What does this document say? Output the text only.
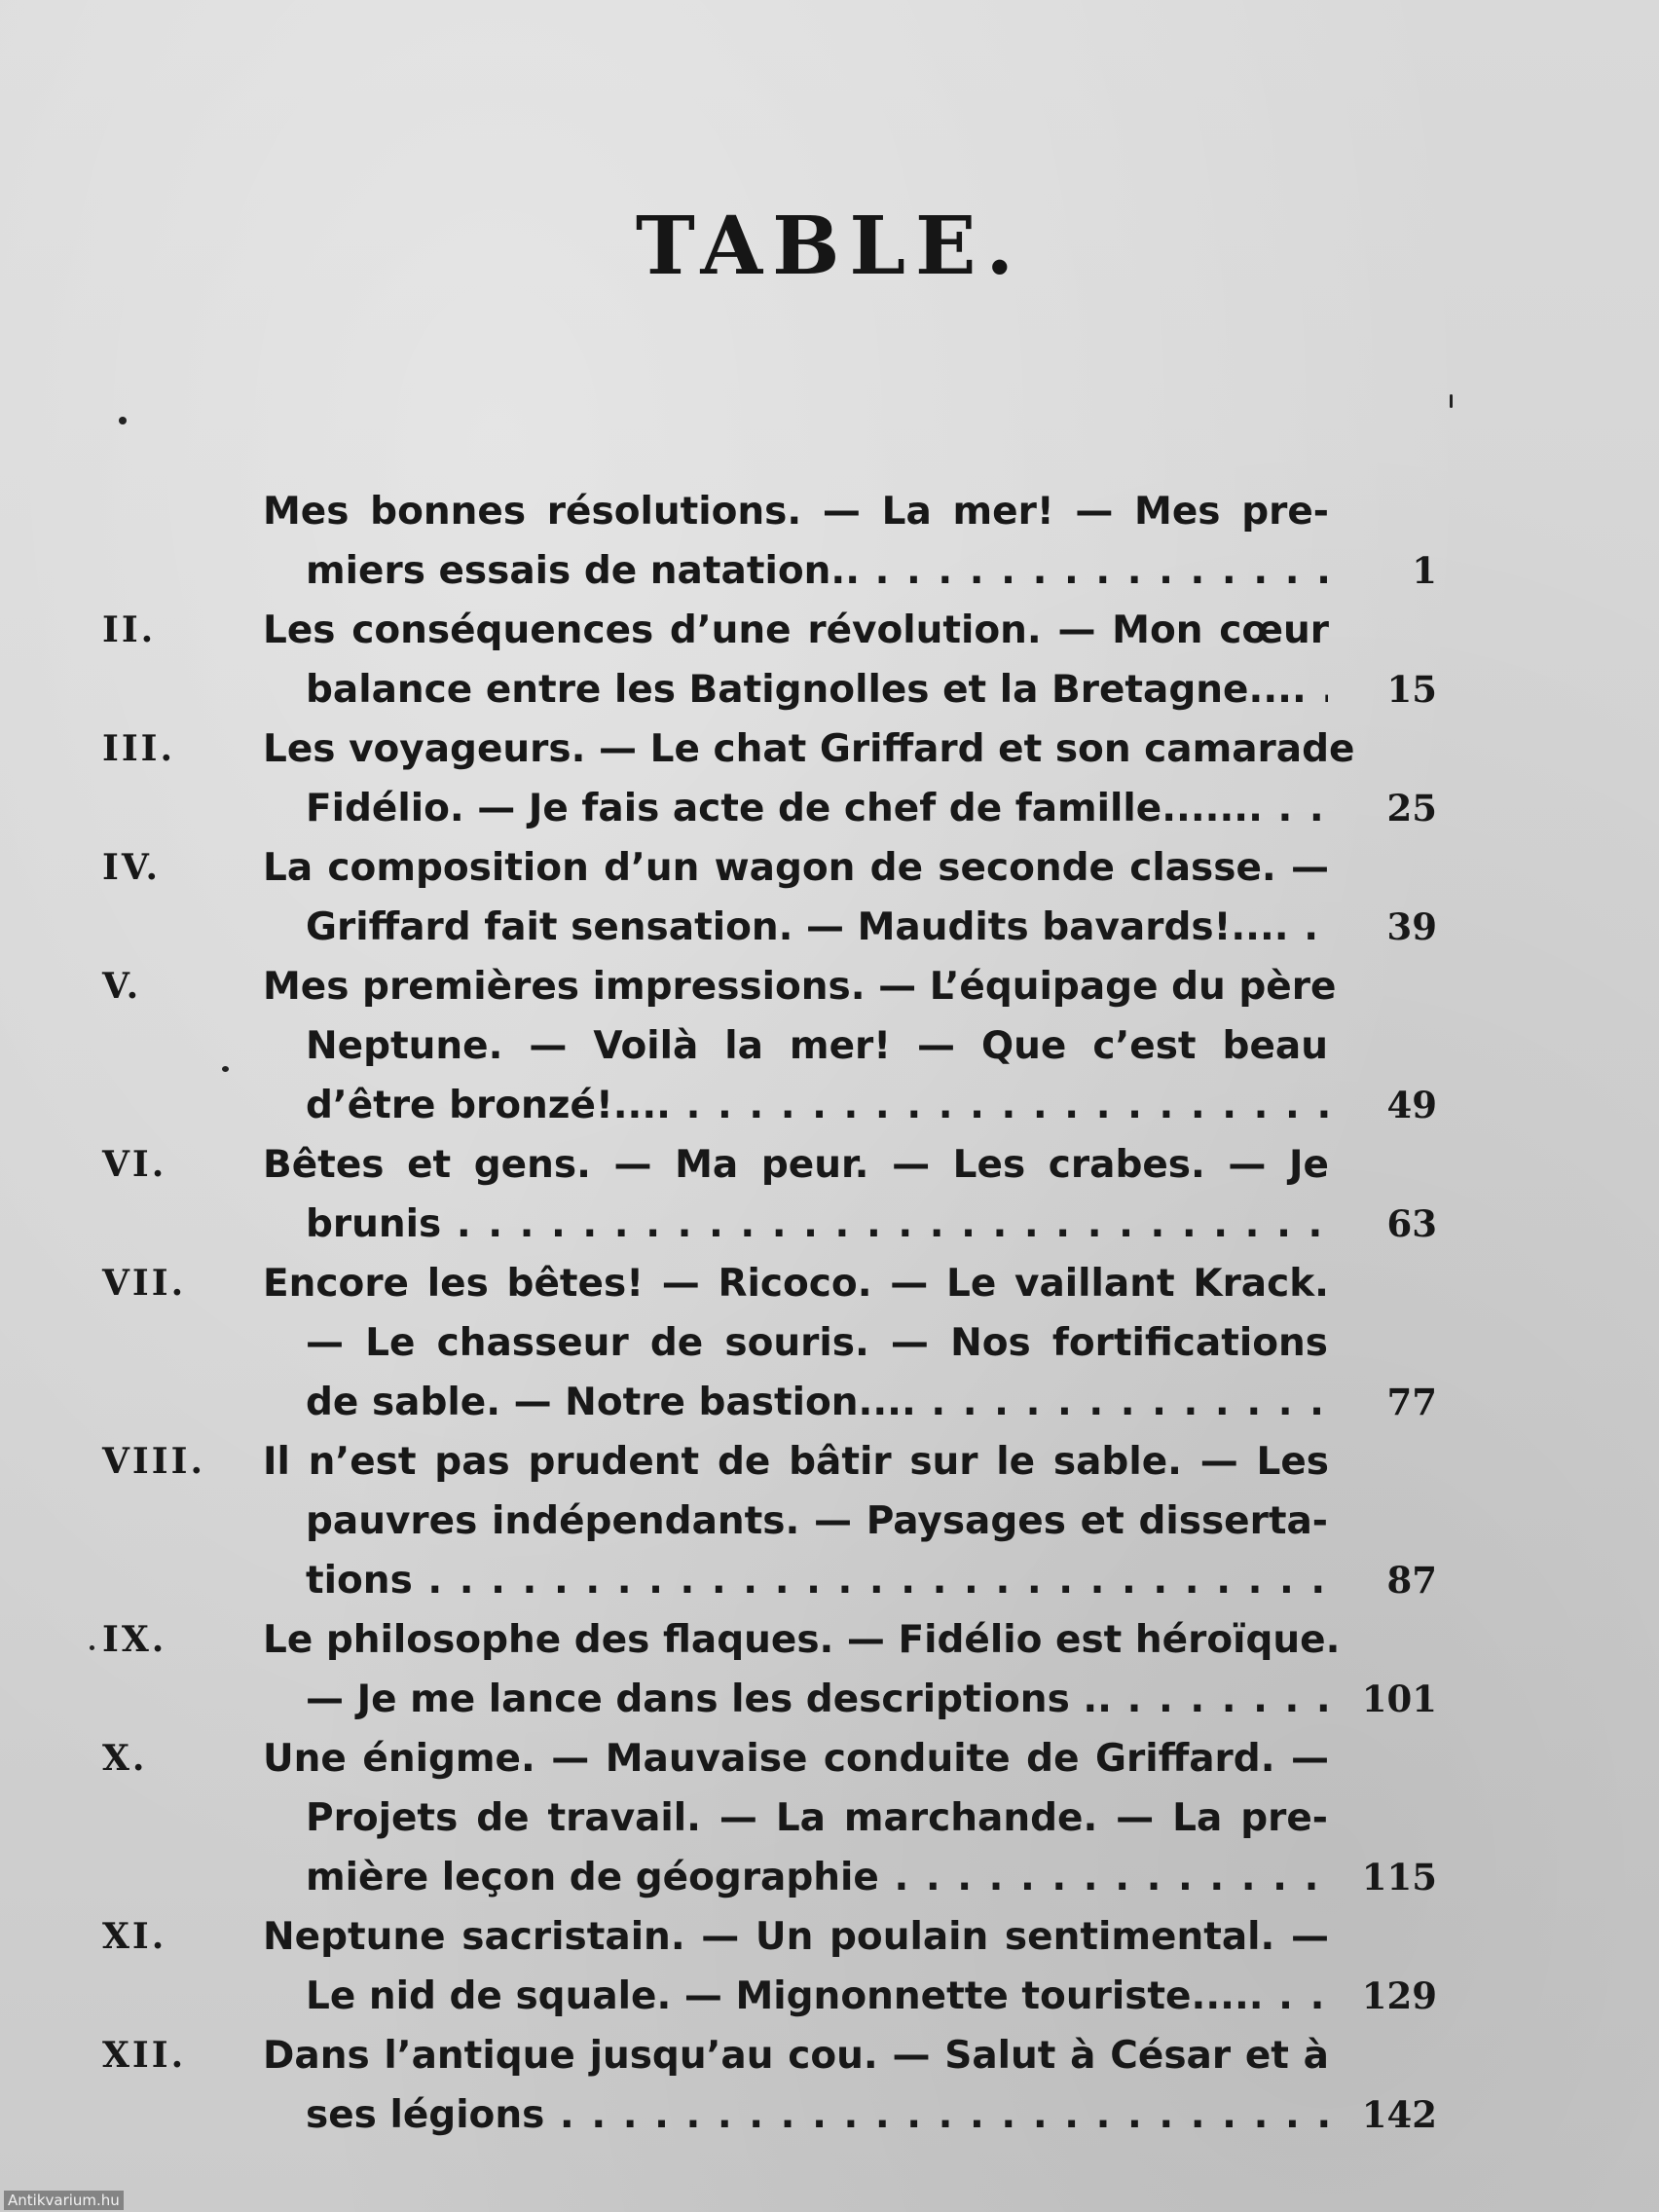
TABLE.
Mes bonnes résolutions. — La mer! — Mes pre-
miers essais de natation.. . . .	1
II.	Les conséquences d’une révolution. — Mon cœur
balance entre les Batignolles et la Bretagne.... . . .	15
III. Les voyageurs. — Le chat Griffard et son camarade
Fidélio. — Je fais acte de chef de famille....... . . .	25
IV.	La composition d’un wagon de seconde classe. —
Griffard fait sensation. — Maudits bavards!.... . . .	39
V.	Mes premières impressions. — L’équipage du père
Neptune. — Voilà la mer! — Que c’est beau
d’être bronzé!.... . . .	49
VI.	Bêtes et gens. — Ma peur. — Les crabes. — Je
brunis . . .	63
VII. Encore les bêtes! — Ricoco. — Le vaillant Krack.
— Le chasseur de souris. — Nos fortifications
de sable. — Notre bastion.... . . .	77
VIII. Il n’est pas prudent de bâtir sur le sable. — Les
pauvres indépendants. — Paysages et disserta-
tions . . .	87
IX.	Le philosophe des flaques. — Fidélio est héroïque.
— Je me lance dans les descriptions .. . . .	101
X.	Une énigme. — Mauvaise conduite de Griffard. —
Projets de travail. — La marchande. — La pre-
mière leçon de géographie . . .	115
XI.	Neptune sacristain. — Un poulain sentimental. —
Le nid de squale. — Mignonnette touriste..... . . .	129
XII. Dans l’antique jusqu’au cou. — Salut à César et à
ses légions . . .	142
Antikvarium.hu
